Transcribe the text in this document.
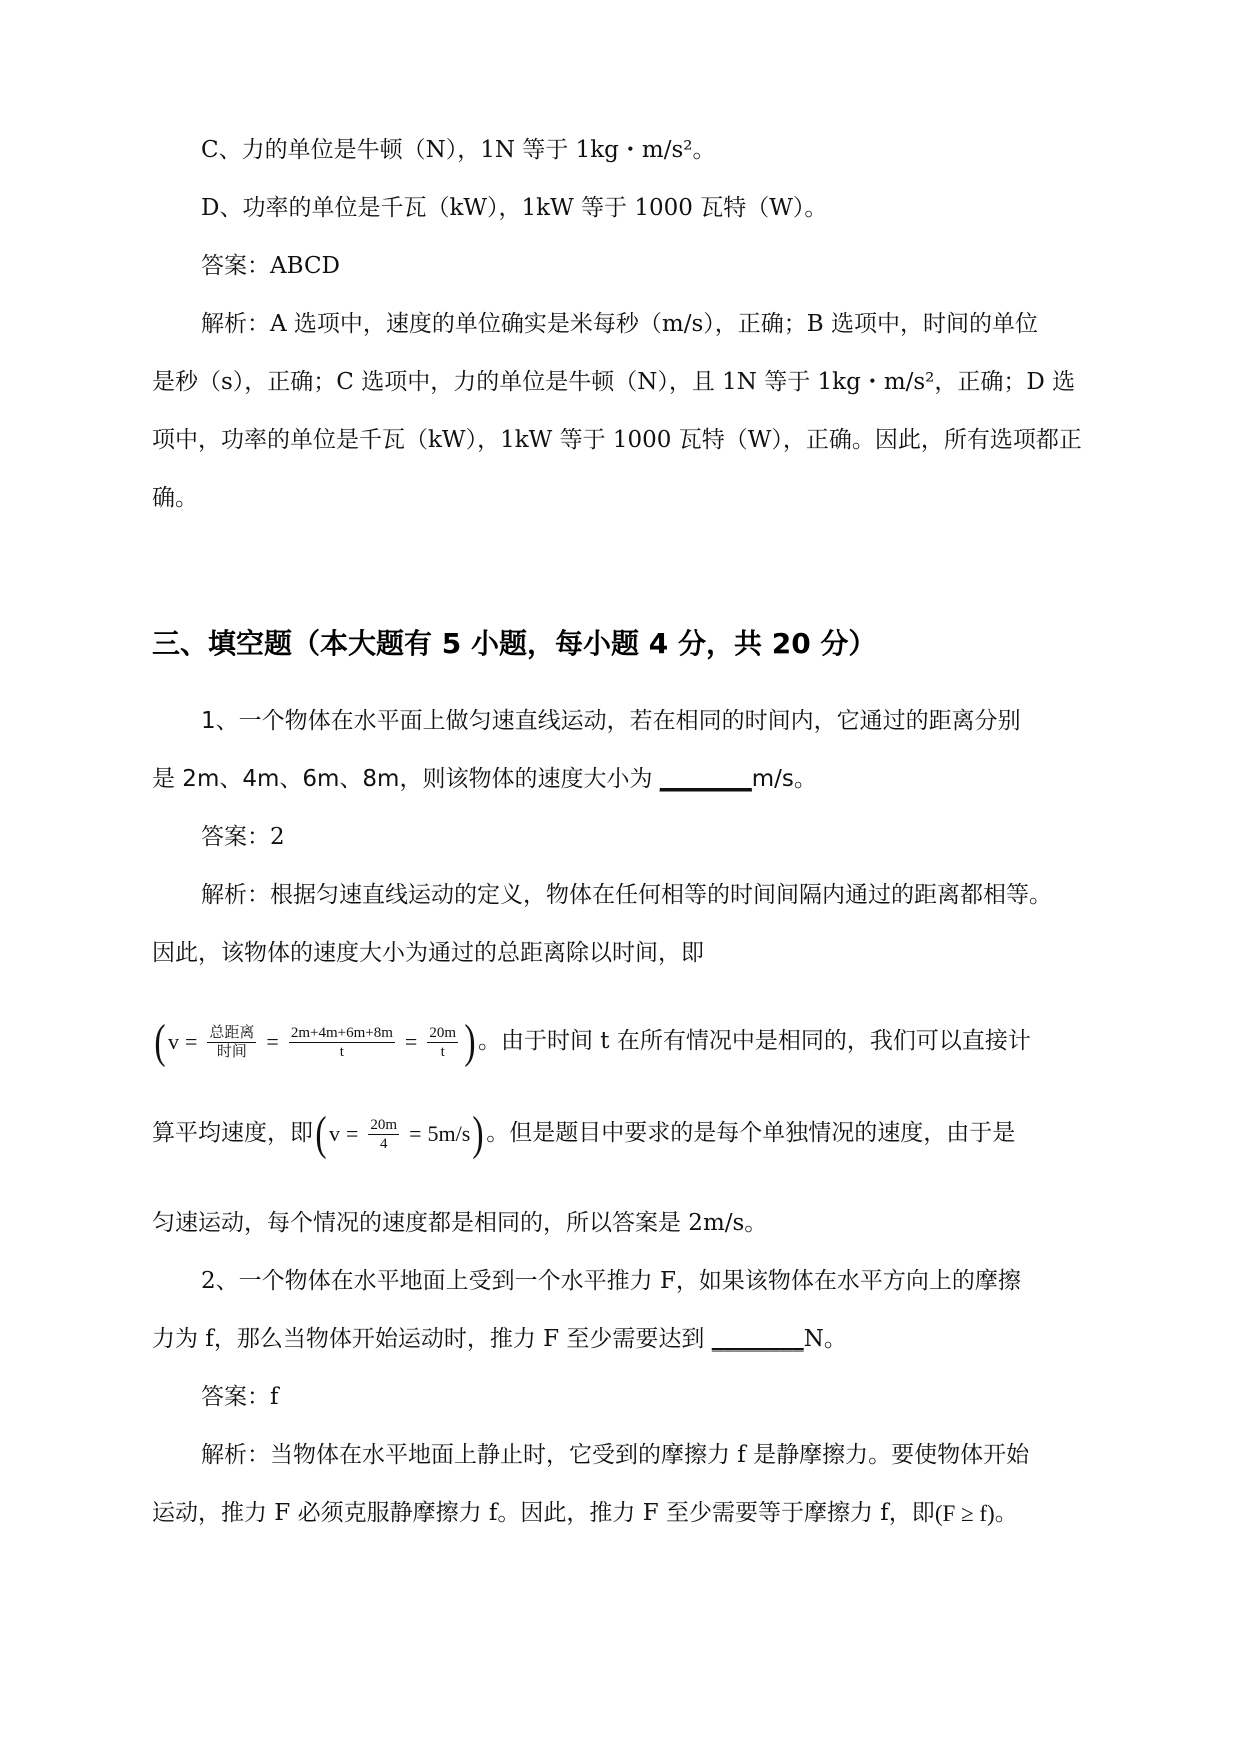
C、力的单位是牛顿（N），1N 等于 1kg・m/s²。
D、功率的单位是千瓦（kW），1kW 等于 1000 瓦特（W）。
答案：ABCD
解析：A 选项中，速度的单位确实是米每秒（m/s），正确；B 选项中，时间的单位
是秒（s），正确；C 选项中，力的单位是牛顿（N），且 1N 等于 1kg・m/s²，正确；D 选
项中，功率的单位是千瓦（kW），1kW 等于 1000 瓦特（W），正确。因此，所有选项都正
确。
三、填空题（本大题有 5 小题，每小题 4 分，共 20 分）
1、一个物体在水平面上做匀速直线运动，若在相同的时间内，它通过的距离分别
是 2m、4m、6m、8m，则该物体的速度大小为 ________m/s。
答案：2
解析：根据匀速直线运动的定义，物体在任何相等的时间间隔内通过的距离都相等。
因此，该物体的速度大小为通过的总距离除以时间，即
( $v = \frac{\text{总距离}}{\text{时间}} = \frac{2m+4m+6m+8m}{t} = \frac{20m}{t}$ ) 。由于时间 t 在所有情况中是相同的，我们可以直接计
算平均速度，即 ( $v = \frac{20m}{4} = 5m/s$ ) 。但是题目中要求的是每个单独情况的速度，由于是
匀速运动，每个情况的速度都是相同的，所以答案是 2m/s。
2、一个物体在水平地面上受到一个水平推力 F，如果该物体在水平方向上的摩擦
力为 f，那么当物体开始运动时，推力 F 至少需要达到 ________N。
答案：f
解析：当物体在水平地面上静止时，它受到的摩擦力 f 是静摩擦力。要使物体开始
运动，推力 F 必须克服静摩擦力 f。因此，推力 F 至少需要等于摩擦力 f，即(F ≥ f)。
